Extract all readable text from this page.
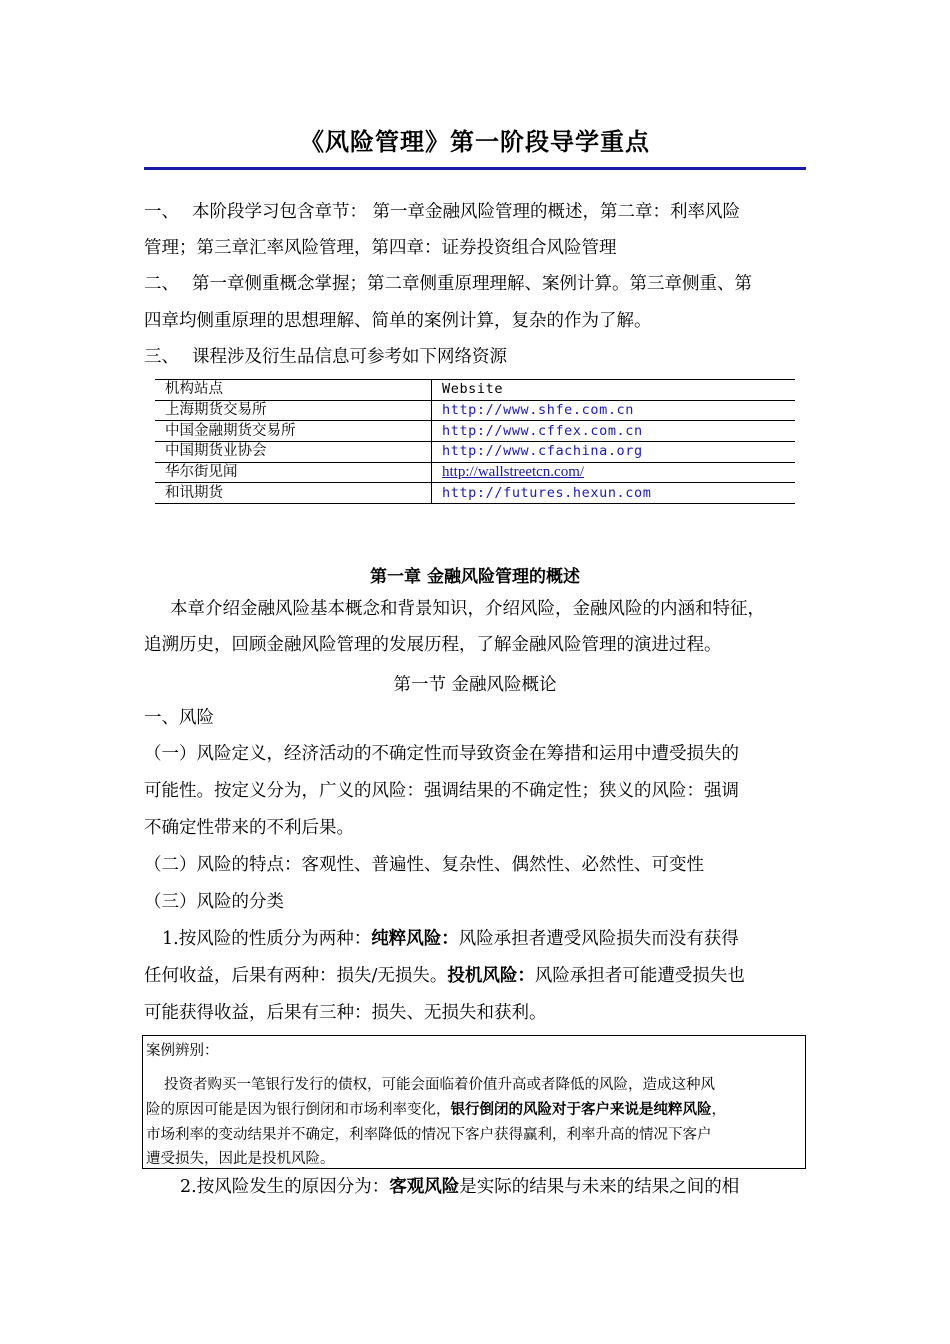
《风险管理》第一阶段导学重点
一、 本阶段学习包含章节： 第一章金融风险管理的概述，第二章：利率风险
管理；第三章汇率风险管理，第四章：证券投资组合风险管理
二、 第一章侧重概念掌握；第二章侧重原理理解、案例计算。第三章侧重、第
四章均侧重原理的思想理解、简单的案例计算，复杂的作为了解。
三、 课程涉及衍生品信息可参考如下网络资源
机构站点	Website
上海期货交易所	http://www.shfe.com.cn
中国金融期货交易所	http://www.cffex.com.cn
中国期货业协会	http://www.cfachina.org
华尔街见闻	http://wallstreetcn.com/
和讯期货	http://futures.hexun.com
第一章 金融风险管理的概述
本章介绍金融风险基本概念和背景知识，介绍风险，金融风险的内涵和特征，
追溯历史，回顾金融风险管理的发展历程，了解金融风险管理的演进过程。
第一节 金融风险概论
一、风险
（一）风险定义，经济活动的不确定性而导致资金在筹措和运用中遭受损失的
可能性。按定义分为，广义的风险：强调结果的不确定性；狭义的风险：强调
不确定性带来的不利后果。
（二）风险的特点：客观性、普遍性、复杂性、偶然性、必然性、可变性
（三）风险的分类
1.按风险的性质分为两种：纯粹风险：风险承担者遭受风险损失而没有获得
任何收益，后果有两种：损失/无损失。投机风险：风险承担者可能遭受损失也
可能获得收益，后果有三种：损失、无损失和获利。
案例辨别：
投资者购买一笔银行发行的债权，可能会面临着价值升高或者降低的风险，造成这种风
险的原因可能是因为银行倒闭和市场利率变化，银行倒闭的风险对于客户来说是纯粹风险，
市场利率的变动结果并不确定，利率降低的情况下客户获得赢利，利率升高的情况下客户
遭受损失，因此是投机风险。
2.按风险发生的原因分为：客观风险是实际的结果与未来的结果之间的相
